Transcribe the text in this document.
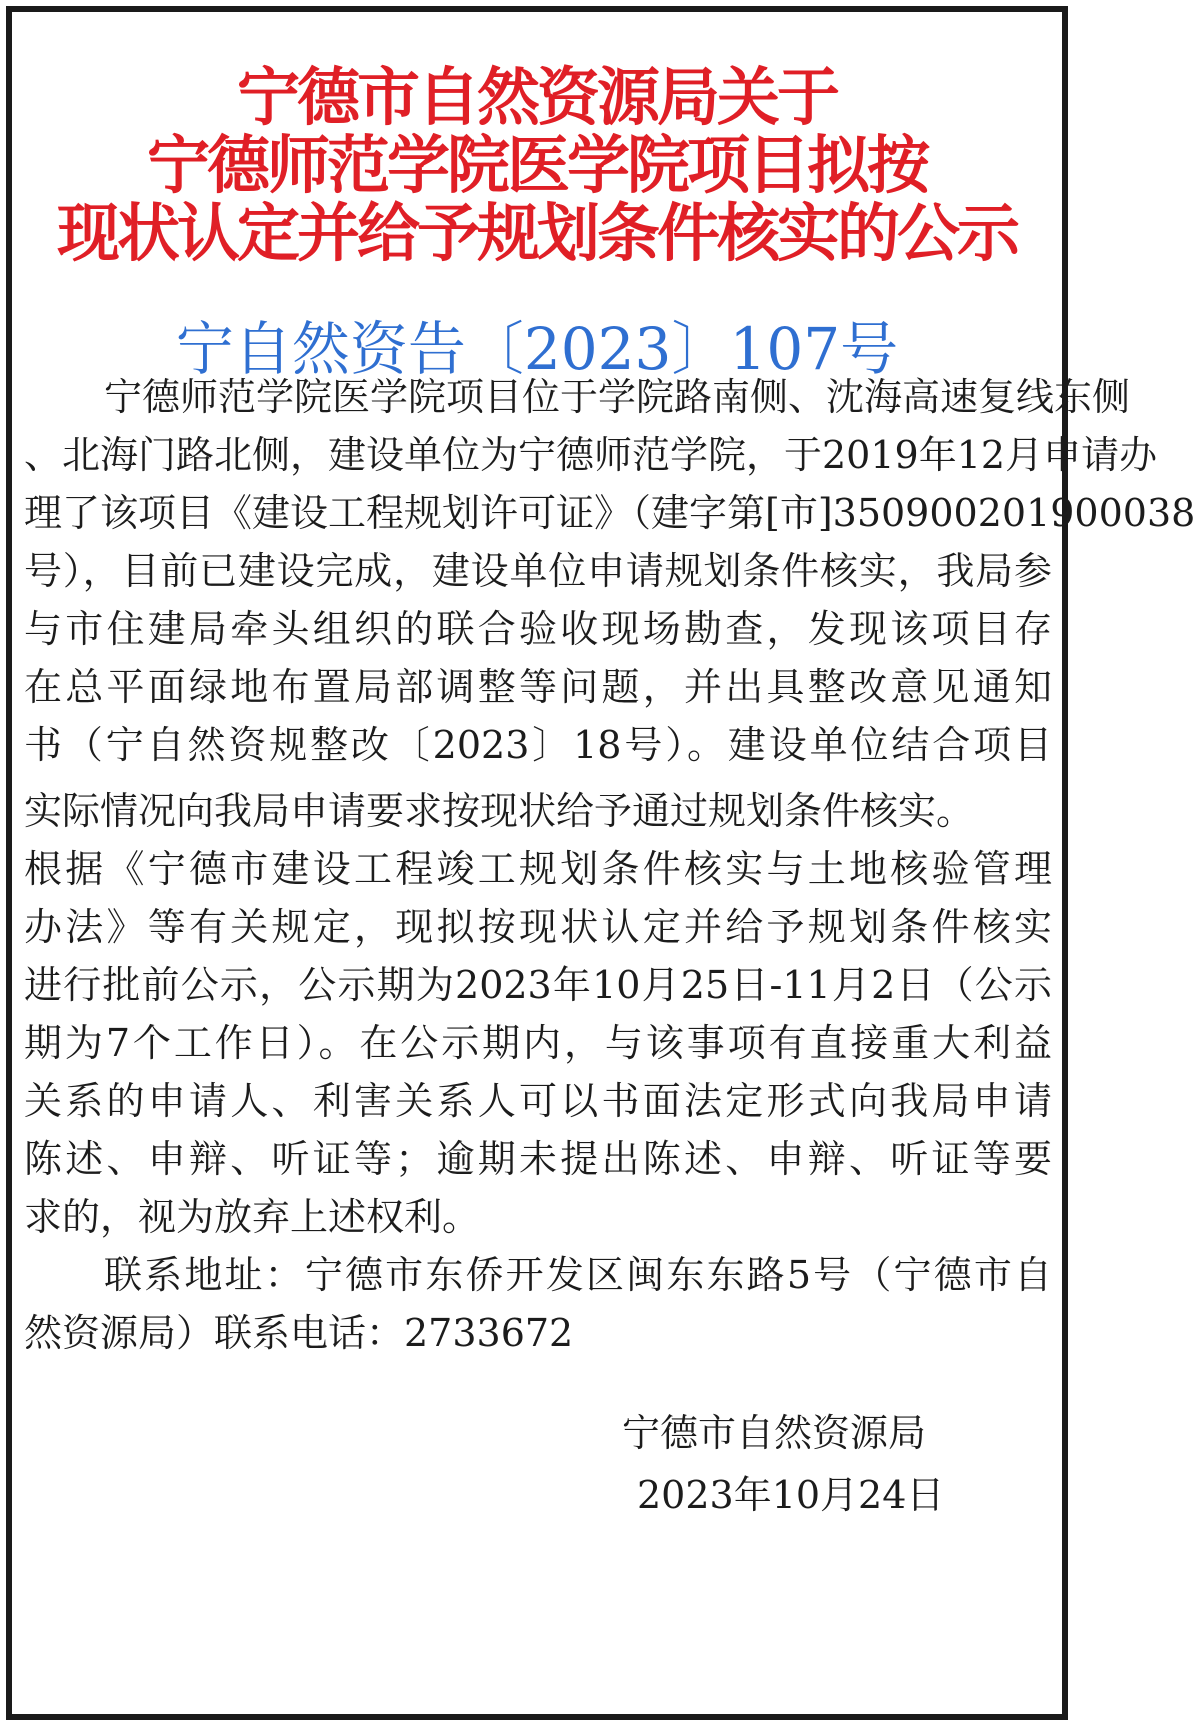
宁德市自然资源局关于
宁德师范学院医学院项目拟按
现状认定并给予规划条件核实的公示
宁自然资告〔2023〕107号
宁德师范学院医学院项目位于学院路南侧、沈海高速复线东侧
、北海门路北侧，建设单位为宁德师范学院，于2019年12月申请办
理了该项目《建设工程规划许可证》（建字第[市]350900201900038
号），目前已建设完成，建设单位申请规划条件核实，我局参
与市住建局牵头组织的联合验收现场勘查，发现该项目存
在总平面绿地布置局部调整等问题，并出具整改意见通知
书（宁自然资规整改〔2023〕18号）。建设单位结合项目
实际情况向我局申请要求按现状给予通过规划条件核实。
根据《宁德市建设工程竣工规划条件核实与土地核验管理
办法》等有关规定，现拟按现状认定并给予规划条件核实
进行批前公示，公示期为2023年10月25日-11月2日（公示
期为7个工作日）。在公示期内，与该事项有直接重大利益
关系的申请人、利害关系人可以书面法定形式向我局申请
陈述、申辩、听证等；逾期未提出陈述、申辩、听证等要
求的，视为放弃上述权利。
联系地址：宁德市东侨开发区闽东东路5号（宁德市自
然资源局）联系电话：2733672
宁德市自然资源局
2023年10月24日
